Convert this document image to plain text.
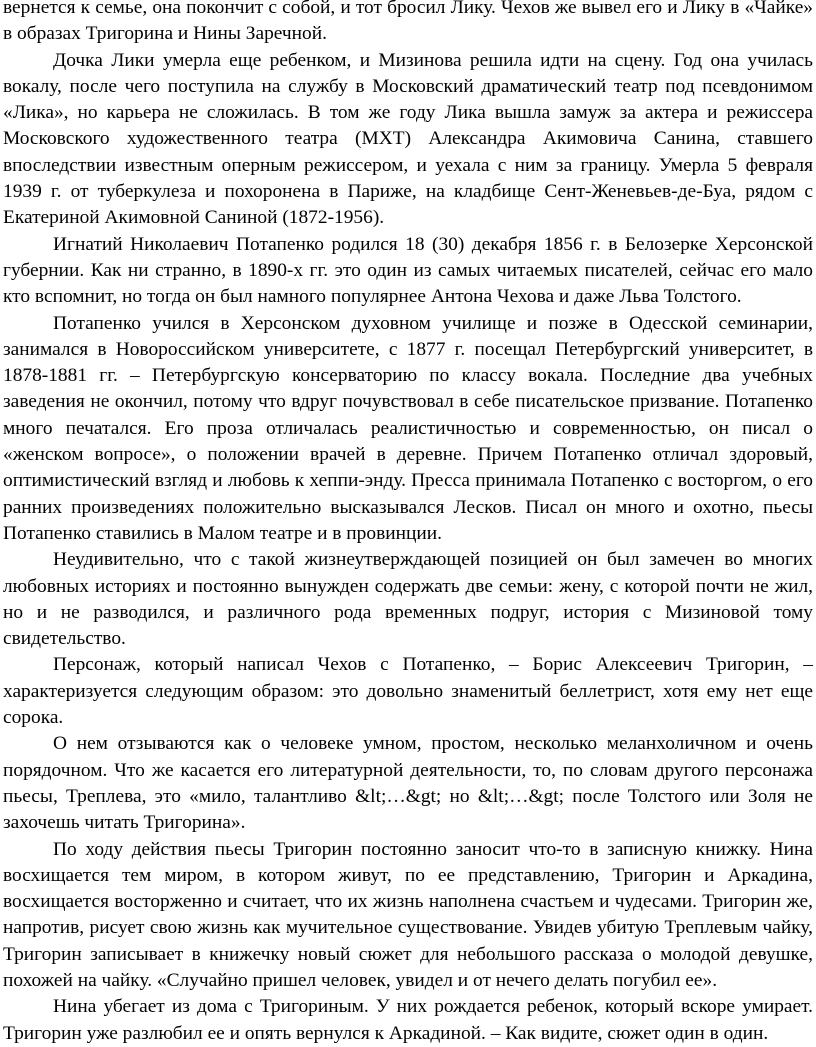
вернется к семье, она покончит с собой, и тот бросил Лику. Чехов же вывел его и Лику в «Чайке» в образах Тригорина и Нины Заречной.

Дочка Лики умерла еще ребенком, и Мизинова решила идти на сцену. Год она училась вокалу, после чего поступила на службу в Московский драматический театр под псевдонимом «Лика», но карьера не сложилась. В том же году Лика вышла замуж за актера и режиссера Московского художественного театра (МХТ) Александра Акимовича Санина, ставшего впоследствии известным оперным режиссером, и уехала с ним за границу. Умерла 5 февраля 1939 г. от туберкулеза и похоронена в Париже, на кладбище Сент-Женевьев-де-Буа, рядом с Екатериной Акимовной Саниной (1872-1956).

Игнатий Николаевич Потапенко родился 18 (30) декабря 1856 г. в Белозерке Херсонской губернии. Как ни странно, в 1890-х гг. это один из самых читаемых писателей, сейчас его мало кто вспомнит, но тогда он был намного популярнее Антона Чехова и даже Льва Толстого.

Потапенко учился в Херсонском духовном училище и позже в Одесской семинарии, занимался в Новороссийском университете, с 1877 г. посещал Петербургский университет, в 1878-1881 гг. – Петербургскую консерваторию по классу вокала. Последние два учебных заведения не окончил, потому что вдруг почувствовал в себе писательское призвание. Потапенко много печатался. Его проза отличалась реалистичностью и современностью, он писал о «женском вопросе», о положении врачей в деревне. Причем Потапенко отличал здоровый, оптимистический взгляд и любовь к хеппи-энду. Пресса принимала Потапенко с восторгом, о его ранних произведениях положительно высказывался Лесков. Писал он много и охотно, пьесы Потапенко ставились в Малом театре и в провинции.

Неудивительно, что с такой жизнеутверждающей позицией он был замечен во многих любовных историях и постоянно вынужден содержать две семьи: жену, с которой почти не жил, но и не разводился, и различного рода временных подруг, история с Мизиновой тому свидетельство.

Персонаж, который написал Чехов с Потапенко, – Борис Алексеевич Тригорин, – характеризуется следующим образом: это довольно знаменитый беллетрист, хотя ему нет еще сорока.

О нем отзываются как о человеке умном, простом, несколько меланхоличном и очень порядочном. Что же касается его литературной деятельности, то, по словам другого персонажа пьесы, Треплева, это «мило, талантливо &lt;…&gt; но &lt;…&gt; после Толстого или Золя не захочешь читать Тригорина».

По ходу действия пьесы Тригорин постоянно заносит что-то в записную книжку. Нина восхищается тем миром, в котором живут, по ее представлению, Тригорин и Аркадина, восхищается восторженно и считает, что их жизнь наполнена счастьем и чудесами. Тригорин же, напротив, рисует свою жизнь как мучительное существование. Увидев убитую Треплевым чайку, Тригорин записывает в книжечку новый сюжет для небольшого рассказа о молодой девушке, похожей на чайку. «Случайно пришел человек, увидел и от нечего делать погубил ее».

Нина убегает из дома с Тригориным. У них рождается ребенок, который вскоре умирает. Тригорин уже разлюбил ее и опять вернулся к Аркадиной. – Как видите, сюжет один в один.
